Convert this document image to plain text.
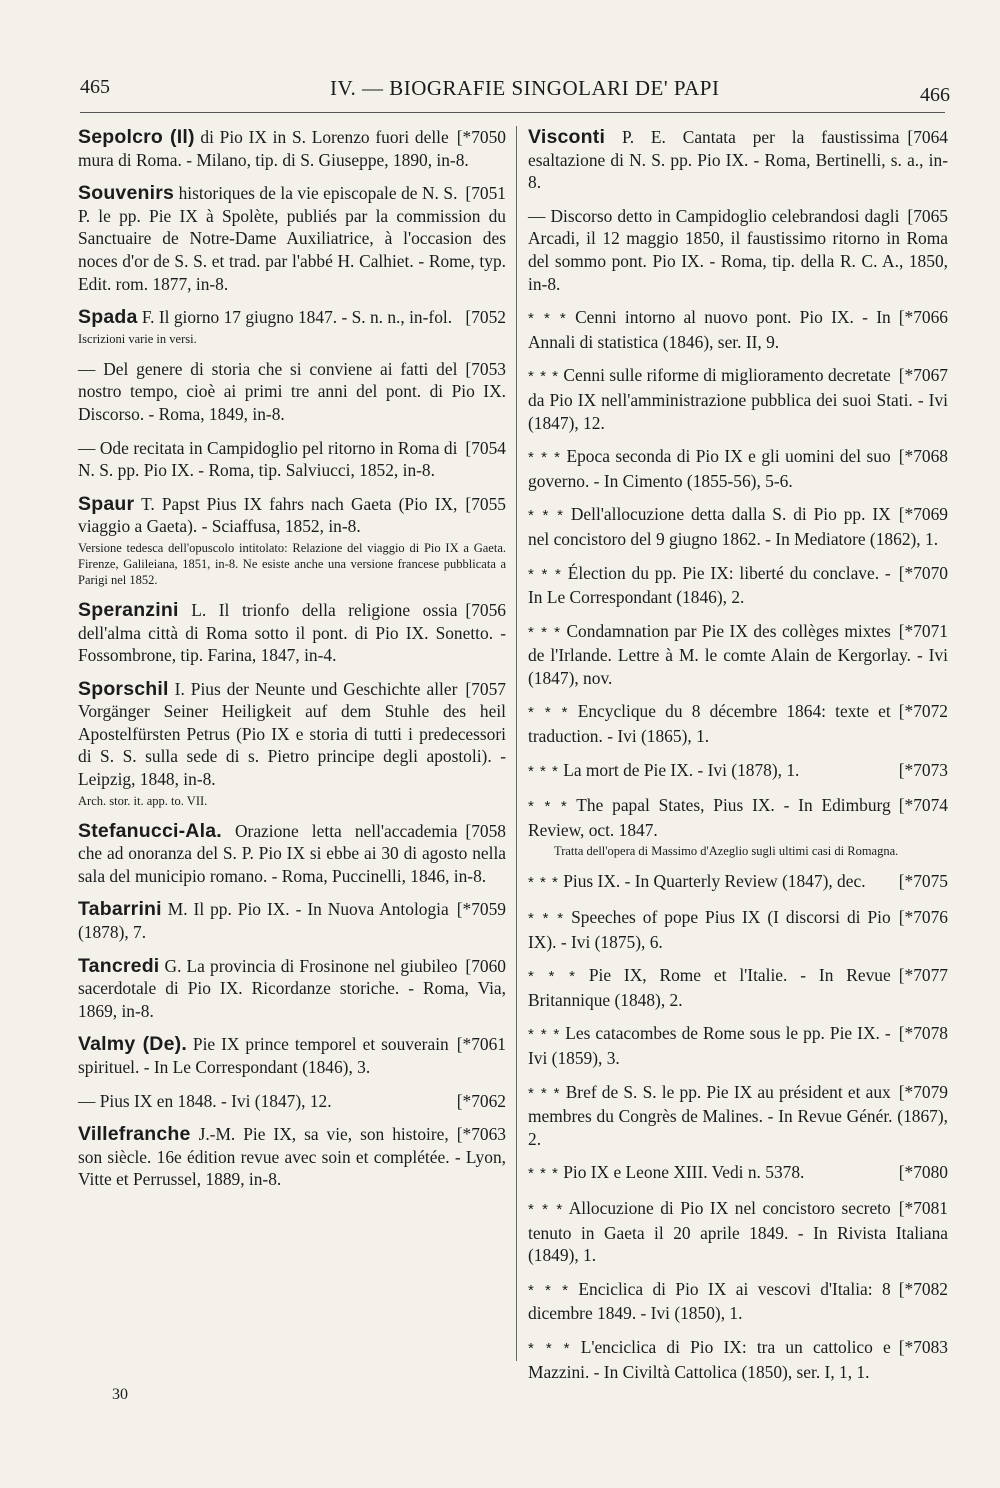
465	IV. — BIOGRAFIE SINGOLARI DE' PAPI	466
[*7050
Sepolcro (Il) di Pio IX in S. Lorenzo fuori delle mura di Roma. - Milano, tip. di S. Giuseppe, 1890, in-8.
[7051
Souvenirs historiques de la vie episcopale de N. S. P. le pp. Pie IX à Spolète, publiés par la commission du Sanctuaire de Notre-Dame Auxiliatrice, à l'occasion des noces d'or de S. S. et trad. par l'abbé H. Calhiet. - Rome, typ. Edit. rom. 1877, in-8.
[7052
Spada F. Il giorno 17 giugno 1847. - S. n. n., in-fol.
Iscrizioni varie in versi.
[7053
— Del genere di storia che si conviene ai fatti del nostro tempo, cioè ai primi tre anni del pont. di Pio IX. Discorso. - Roma, 1849, in-8.
[7054
— Ode recitata in Campidoglio pel ritorno in Roma di N. S. pp. Pio IX. - Roma, tip. Salviucci, 1852, in-8.
[7055
Spaur T. Papst Pius IX fahrs nach Gaeta (Pio IX, viaggio a Gaeta). - Sciaffusa, 1852, in-8.
Versione tedesca dell'opuscolo intitolato: Relazione del viaggio di Pio IX a Gaeta. Firenze, Galileiana, 1851, in-8. Ne esiste anche una versione francese pubblicata a Parigi nel 1852.
[7056
Speranzini L. Il trionfo della religione ossia dell'alma città di Roma sotto il pont. di Pio IX. Sonetto. - Fossombrone, tip. Farina, 1847, in-4.
[7057
Sporschil I. Pius der Neunte und Geschichte aller Vorgänger Seiner Heiligkeit auf dem Stuhle des heil Apostelfürsten Petrus (Pio IX e storia di tutti i predecessori di S. S. sulla sede di s. Pietro principe degli apostoli). - Leipzig, 1848, in-8.
Arch. stor. it. app. to. VII.
[7058
Stefanucci-Ala. Orazione letta nell'accademia che ad onoranza del S. P. Pio IX si ebbe ai 30 di agosto nella sala del municipio romano. - Roma, Puccinelli, 1846, in-8.
[*7059
Tabarrini M. Il pp. Pio IX. - In Nuova Antologia (1878), 7.
[7060
Tancredi G. La provincia di Frosinone nel giubileo sacerdotale di Pio IX. Ricordanze storiche. - Roma, Via, 1869, in-8.
[*7061
Valmy (De). Pie IX prince temporel et souverain spirituel. - In Le Correspondant (1846), 3.
[*7062
— Pius IX en 1848. - Ivi (1847), 12.
[*7063
Villefranche J.-M. Pie IX, sa vie, son histoire, son siècle. 16e édition revue avec soin et complétée. - Lyon, Vitte et Perrussel, 1889, in-8.
[7064
Visconti P. E. Cantata per la faustissima esaltazione di N. S. pp. Pio IX. - Roma, Bertinelli, s. a., in-8.
[7065
— Discorso detto in Campidoglio celebrandosi dagli Arcadi, il 12 maggio 1850, il faustissimo ritorno in Roma del sommo pont. Pio IX. - Roma, tip. della R. C. A., 1850, in-8.
[*7066
* * * Cenni intorno al nuovo pont. Pio IX. - In Annali di statistica (1846), ser. II, 9.
[*7067
* * * Cenni sulle riforme di miglioramento decretate da Pio IX nell'amministrazione pubblica dei suoi Stati. - Ivi (1847), 12.
[*7068
* * * Epoca seconda di Pio IX e gli uomini del suo governo. - In Cimento (1855-56), 5-6.
[*7069
* * * Dell'allocuzione detta dalla S. di Pio pp. IX nel concistoro del 9 giugno 1862. - In Mediatore (1862), 1.
[*7070
* * * Élection du pp. Pie IX: liberté du conclave. - In Le Correspondant (1846), 2.
[*7071
* * * Condamnation par Pie IX des collèges mixtes de l'Irlande. Lettre à M. le comte Alain de Kergorlay. - Ivi (1847), nov.
[*7072
* * * Encyclique du 8 décembre 1864: texte et traduction. - Ivi (1865), 1.
[*7073
* * * La mort de Pie IX. - Ivi (1878), 1.
[*7074
* * * The papal States, Pius IX. - In Edimburg Review, oct. 1847.
Tratta dell'opera di Massimo d'Azeglio sugli ultimi casi di Romagna.
[*7075
* * * Pius IX. - In Quarterly Review (1847), dec.
[*7076
* * * Speeches of pope Pius IX (I discorsi di Pio IX). - Ivi (1875), 6.
[*7077
* * * Pie IX, Rome et l'Italie. - In Revue Britannique (1848), 2.
[*7078
* * * Les catacombes de Rome sous le pp. Pie IX. - Ivi (1859), 3.
[*7079
* * * Bref de S. S. le pp. Pie IX au président et aux membres du Congrès de Malines. - In Revue Génér. (1867), 2.
[*7080
* * * Pio IX e Leone XIII. Vedi n. 5378.
[*7081
* * * Allocuzione di Pio IX nel concistoro secreto tenuto in Gaeta il 20 aprile 1849. - In Rivista Italiana (1849), 1.
[*7082
* * * Enciclica di Pio IX ai vescovi d'Italia: 8 dicembre 1849. - Ivi (1850), 1.
[*7083
* * * L'enciclica di Pio IX: tra un cattolico e Mazzini. - In Civiltà Cattolica (1850), ser. I, 1, 1.
30
